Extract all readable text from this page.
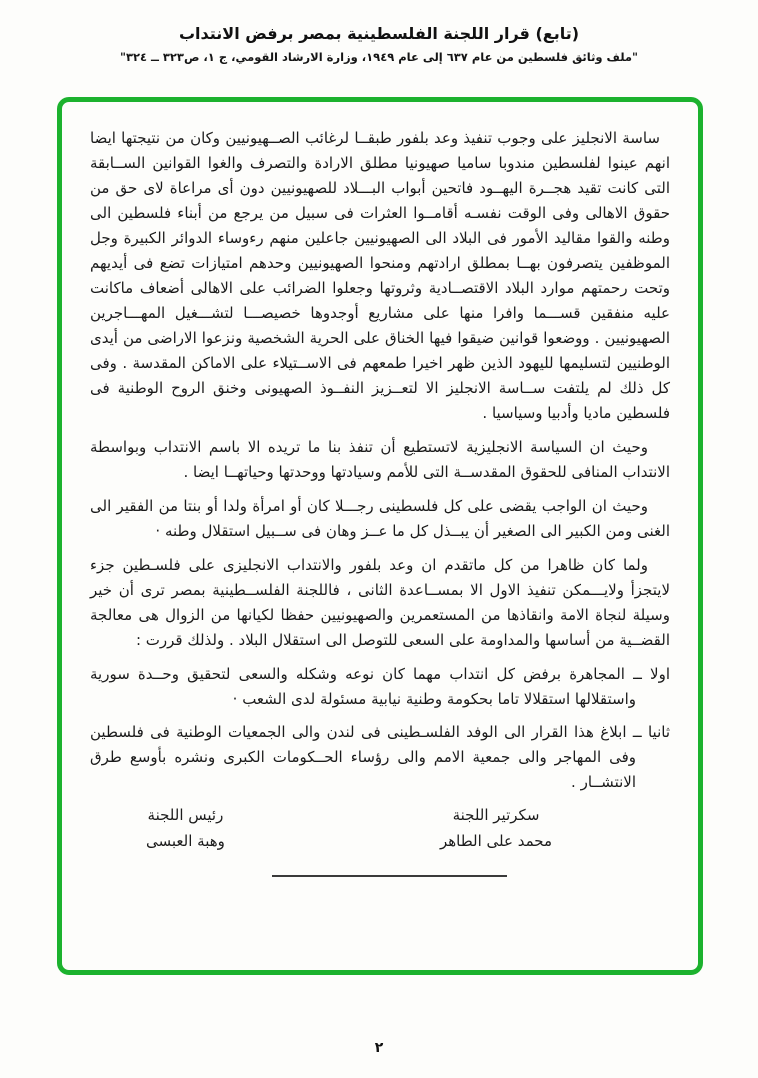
(تابع) قرار اللجنة الفلسطينية بمصر برفض الانتداب
"ملف وثائق فلسطين من عام ٦٣٧ إلى عام ١٩٤٩، وزارة الارشاد القومي، ج ١، ص٣٢٣ ــ ٣٢٤"

ساسة الانجليز على وجوب تنفيذ وعد بلفور طبقــا لرغائب الصــهيونيين وكان من نتيجتها ايضا انهم عينوا لفلسطين مندوبا ساميا صهيونيا مطلق الارادة والتصرف والغوا القوانين الســابقة التى كانت تقيد هجــرة اليهــود فاتحين أبواب البـــلاد للصهيونيين دون أى مراعاة لاى حق من حقوق الاهالى وفى الوقت نفسـه أقامــوا العثرات فى سبيل من يرجع من أبناء فلسطين الى وطنه والقوا مقاليد الأمور فى البلاد الى الصهيونيين جاعلين منهم رءوساء الدوائر الكبيرة وجل الموظفين يتصرفون بهــا بمطلق ارادتهم ومنحوا الصهيونيين وحدهم امتيازات تضع فى أيديهم وتحت رحمتهم موارد البلاد الاقتصــادية وثروتها وجعلوا الضرائب على الاهالى أضعاف ماكانت عليه منفقين قســـما وافرا منها على مشاريع أوجدوها خصيصـــا لتشـــغيل المهـــاجرين الصهيونيين . ووضعوا قوانين ضيقوا فيها الخناق على الحرية الشخصية ونزعوا الاراضى من أيدى الوطنيين لتسليمها لليهود الذين ظهر اخيرا طمعهم فى الاســتيلاء على الاماكن المقدسة . وفى كل ذلك لم يلتفت ســاسة الانجليز الا لتعــزيز النفــوذ الصهيونى وخنق الروح الوطنية فى فلسطين ماديا وأدبيا وسياسيا .

وحيث ان السياسة الانجليزية لاتستطيع أن تنفذ بنا ما تريده الا باسم الانتداب وبواسطة الانتداب المنافى للحقوق المقدســة التى للأمم وسيادتها ووحدتها وحياتهــا ايضا .

وحيث ان الواجب يقضى على كل فلسطينى رجـــلا كان أو امرأة ولدا أو بنتا من الفقير الى الغنى ومن الكبير الى الصغير أن يبــذل كل ما عــز وهان فى ســبيل استقلال وطنه ·

ولما كان ظاهرا من كل ماتقدم ان وعد بلفور والانتداب الانجليزى على فلسـطين جزء لايتجزأ ولايـــمكن تنفيذ الاول الا بمســاعدة الثانى ، فاللجنة الفلســطينية بمصر ترى أن خير وسيلة لنجاة الامة وانقاذها من المستعمرين والصهيونيين حفظا لكيانها من الزوال هى معالجة القضــية من أساسها والمداومة على السعى للتوصل الى استقلال البلاد . ولذلك قررت :

اولا ــ المجاهرة برفض كل انتداب مهما كان نوعه وشكله والسعى لتحقيق وحــدة سورية واستقلالها استقلالا تاما بحكومة وطنية نيابية مسئولة لدى الشعب ·

ثانيا ــ ابلاغ هذا القرار الى الوفد الفلسـطينى فى لندن والى الجمعيات الوطنية فى فلسطين وفى المهاجر والى جمعية الامم والى رؤساء الحــكومات الكبرى ونشره بأوسع طرق الانتشــار .

سكرتير اللجنة
محمد على الطاهر
رئيس اللجنة
وهبة العبسى
٢
